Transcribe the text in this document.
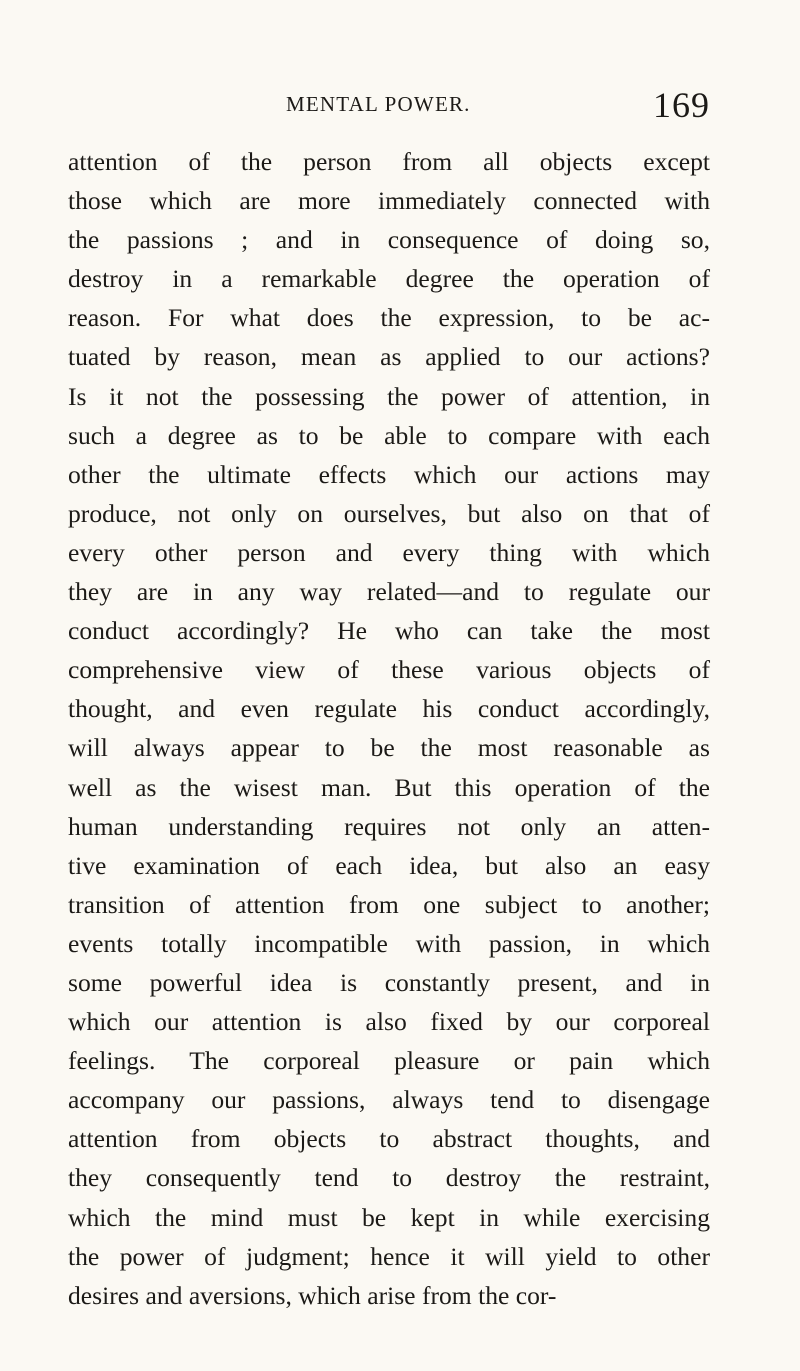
MENTAL POWER.	169
attention of the person from all objects except
those which are more immediately connected with
the passions ; and in consequence of doing so,
destroy in a remarkable degree the operation of
reason. For what does the expression, to be ac-
tuated by reason, mean as applied to our actions?
Is it not the possessing the power of attention, in
such a degree as to be able to compare with each
other the ultimate effects which our actions may
produce, not only on ourselves, but also on that of
every other person and every thing with which
they are in any way related—and to regulate our
conduct accordingly? He who can take the most
comprehensive view of these various objects of
thought, and even regulate his conduct accordingly,
will always appear to be the most reasonable as
well as the wisest man. But this operation of the
human understanding requires not only an atten-
tive examination of each idea, but also an easy
transition of attention from one subject to another;
events totally incompatible with passion, in which
some powerful idea is constantly present, and in
which our attention is also fixed by our corporeal
feelings. The corporeal pleasure or pain which
accompany our passions, always tend to disengage
attention from objects to abstract thoughts, and
they consequently tend to destroy the restraint,
which the mind must be kept in while exercising
the power of judgment; hence it will yield to other
desires and aversions, which arise from the cor-
